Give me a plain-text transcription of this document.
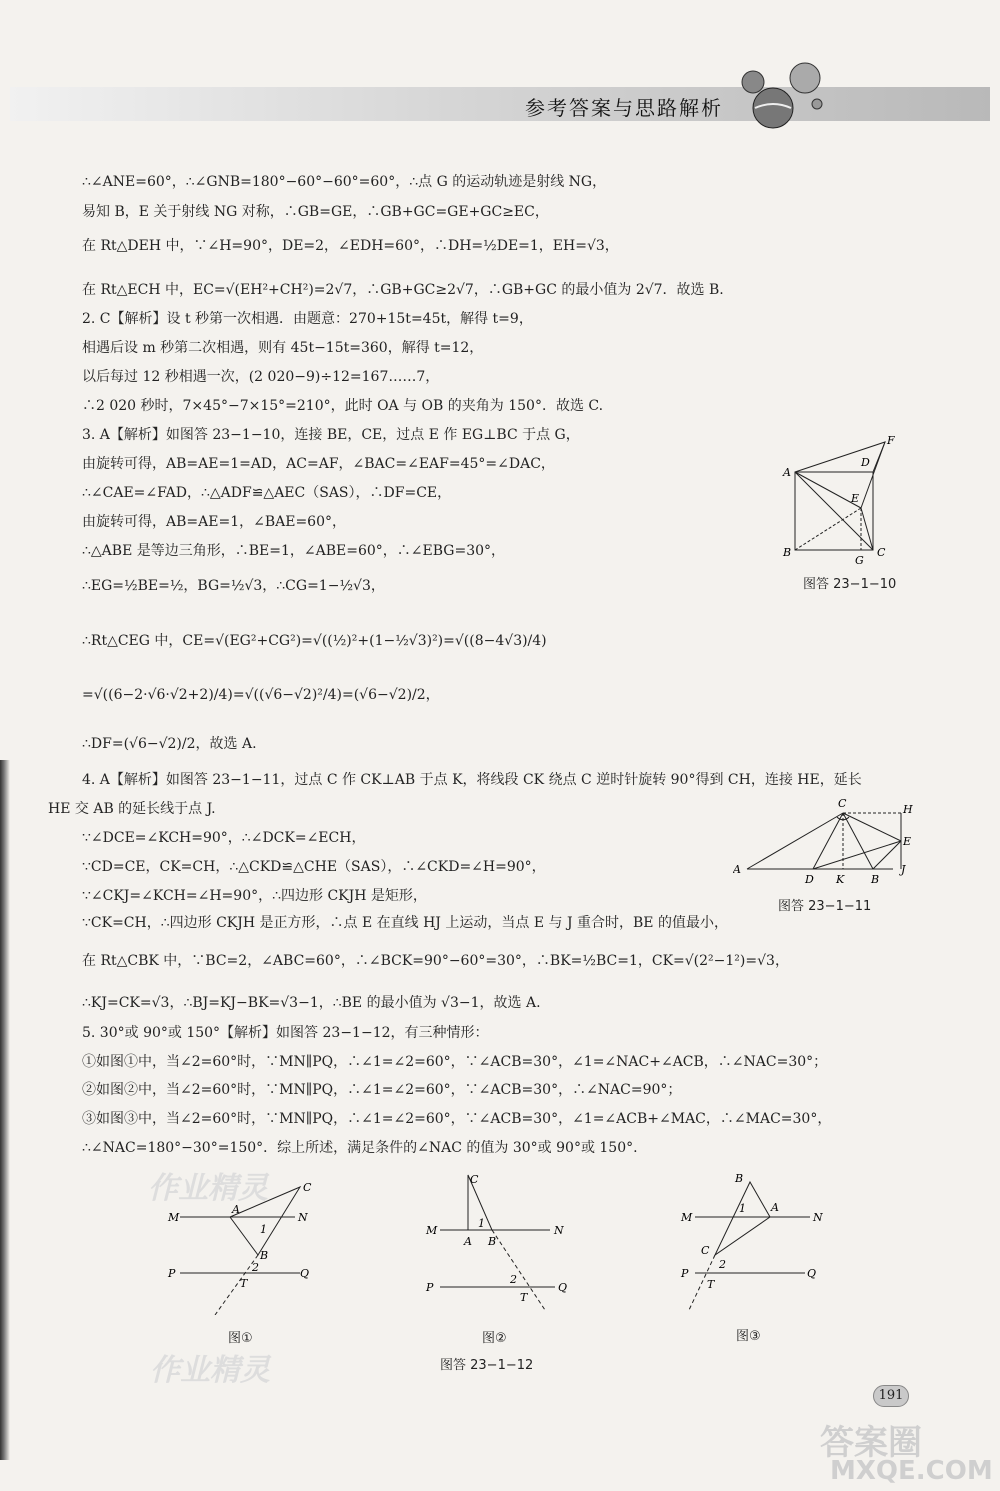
参考答案与思路解析
∴∠ANE=60°，∴∠GNB=180°−60°−60°=60°，∴点 G 的运动轨迹是射线 NG，
易知 B，E 关于射线 NG 对称，∴GB=GE，∴GB+GC=GE+GC≥EC，
在 Rt△DEH 中，∵∠H=90°，DE=2，∠EDH=60°，∴DH=½DE=1，EH=√3，
在 Rt△ECH 中，EC=√(EH²+CH²)=2√7，∴GB+GC≥2√7，∴GB+GC 的最小值为 2√7．故选 B.
2. C【解析】设 t 秒第一次相遇．由题意：270+15t=45t，解得 t=9，
相遇后设 m 秒第二次相遇，则有 45t−15t=360，解得 t=12，
以后每过 12 秒相遇一次，(2 020−9)÷12=167……7，
∴2 020 秒时，7×45°−7×15°=210°，此时 OA 与 OB 的夹角为 150°．故选 C.
3. A【解析】如图答 23−1−10，连接 BE，CE，过点 E 作 EG⊥BC 于点 G，
由旋转可得，AB=AE=1=AD，AC=AF，∠BAC=∠EAF=45°=∠DAC，
∴∠CAE=∠FAD，∴△ADF≌△AEC（SAS），∴DF=CE，
由旋转可得，AB=AE=1，∠BAE=60°，
∴△ABE 是等边三角形，∴BE=1，∠ABE=60°，∴∠EBG=30°，
∴EG=½BE=½，BG=½√3，∴CG=1−½√3，
∴Rt△CEG 中，CE=√(EG²+CG²)=√((½)²+(1−½√3)²)=√((8−4√3)/4)
=√((6−2·√6·√2+2)/4)=√((√6−√2)²/4)=(√6−√2)/2，
∴DF=(√6−√2)/2，故选 A.
4. A【解析】如图答 23−1−11，过点 C 作 CK⊥AB 于点 K，将线段 CK 绕点 C 逆时针旋转 90°得到 CH，连接 HE，延长
HE 交 AB 的延长线于点 J.
∵∠DCE=∠KCH=90°，∴∠DCK=∠ECH，
∵CD=CE，CK=CH，∴△CKD≌△CHE（SAS），∴∠CKD=∠H=90°，
∵∠CKJ=∠KCH=∠H=90°，∴四边形 CKJH 是矩形，
∵CK=CH，∴四边形 CKJH 是正方形，∴点 E 在直线 HJ 上运动，当点 E 与 J 重合时，BE 的值最小，
在 Rt△CBK 中，∵BC=2，∠ABC=60°，∴∠BCK=90°−60°=30°，∴BK=½BC=1，CK=√(2²−1²)=√3，
∴KJ=CK=√3，∴BJ=KJ−BK=√3−1，∴BE 的最小值为 √3−1，故选 A.
5. 30°或 90°或 150°【解析】如图答 23−1−12，有三种情形：
①如图①中，当∠2=60°时，∵MN∥PQ，∴∠1=∠2=60°，∵∠ACB=30°，∠1=∠NAC+∠ACB，∴∠NAC=30°；
②如图②中，当∠2=60°时，∵MN∥PQ，∴∠1=∠2=60°，∵∠ACB=30°，∴∠NAC=90°；
③如图③中，当∠2=60°时，∵MN∥PQ，∴∠1=∠2=60°，∵∠ACB=30°，∠1=∠ACB+∠MAC，∴∠MAC=30°，
∴∠NAC=180°−30°=150°．综上所述，满足条件的∠NAC 的值为 30°或 90°或 150°.
A
F
D
E
B	C
G
图答 23−1−10
C	H
E
A
D K B
J
图答 23−1−11
M	N
P	Q
A
C
B
1
2
T
M	N
P	Q
C
A B
1
2
T
M	N
P	Q
B
A
C
1
2
T
图①	图②	图③
图答 23−1−12
作业精灵
作业精灵
191
答案圈
MXQE.COM
